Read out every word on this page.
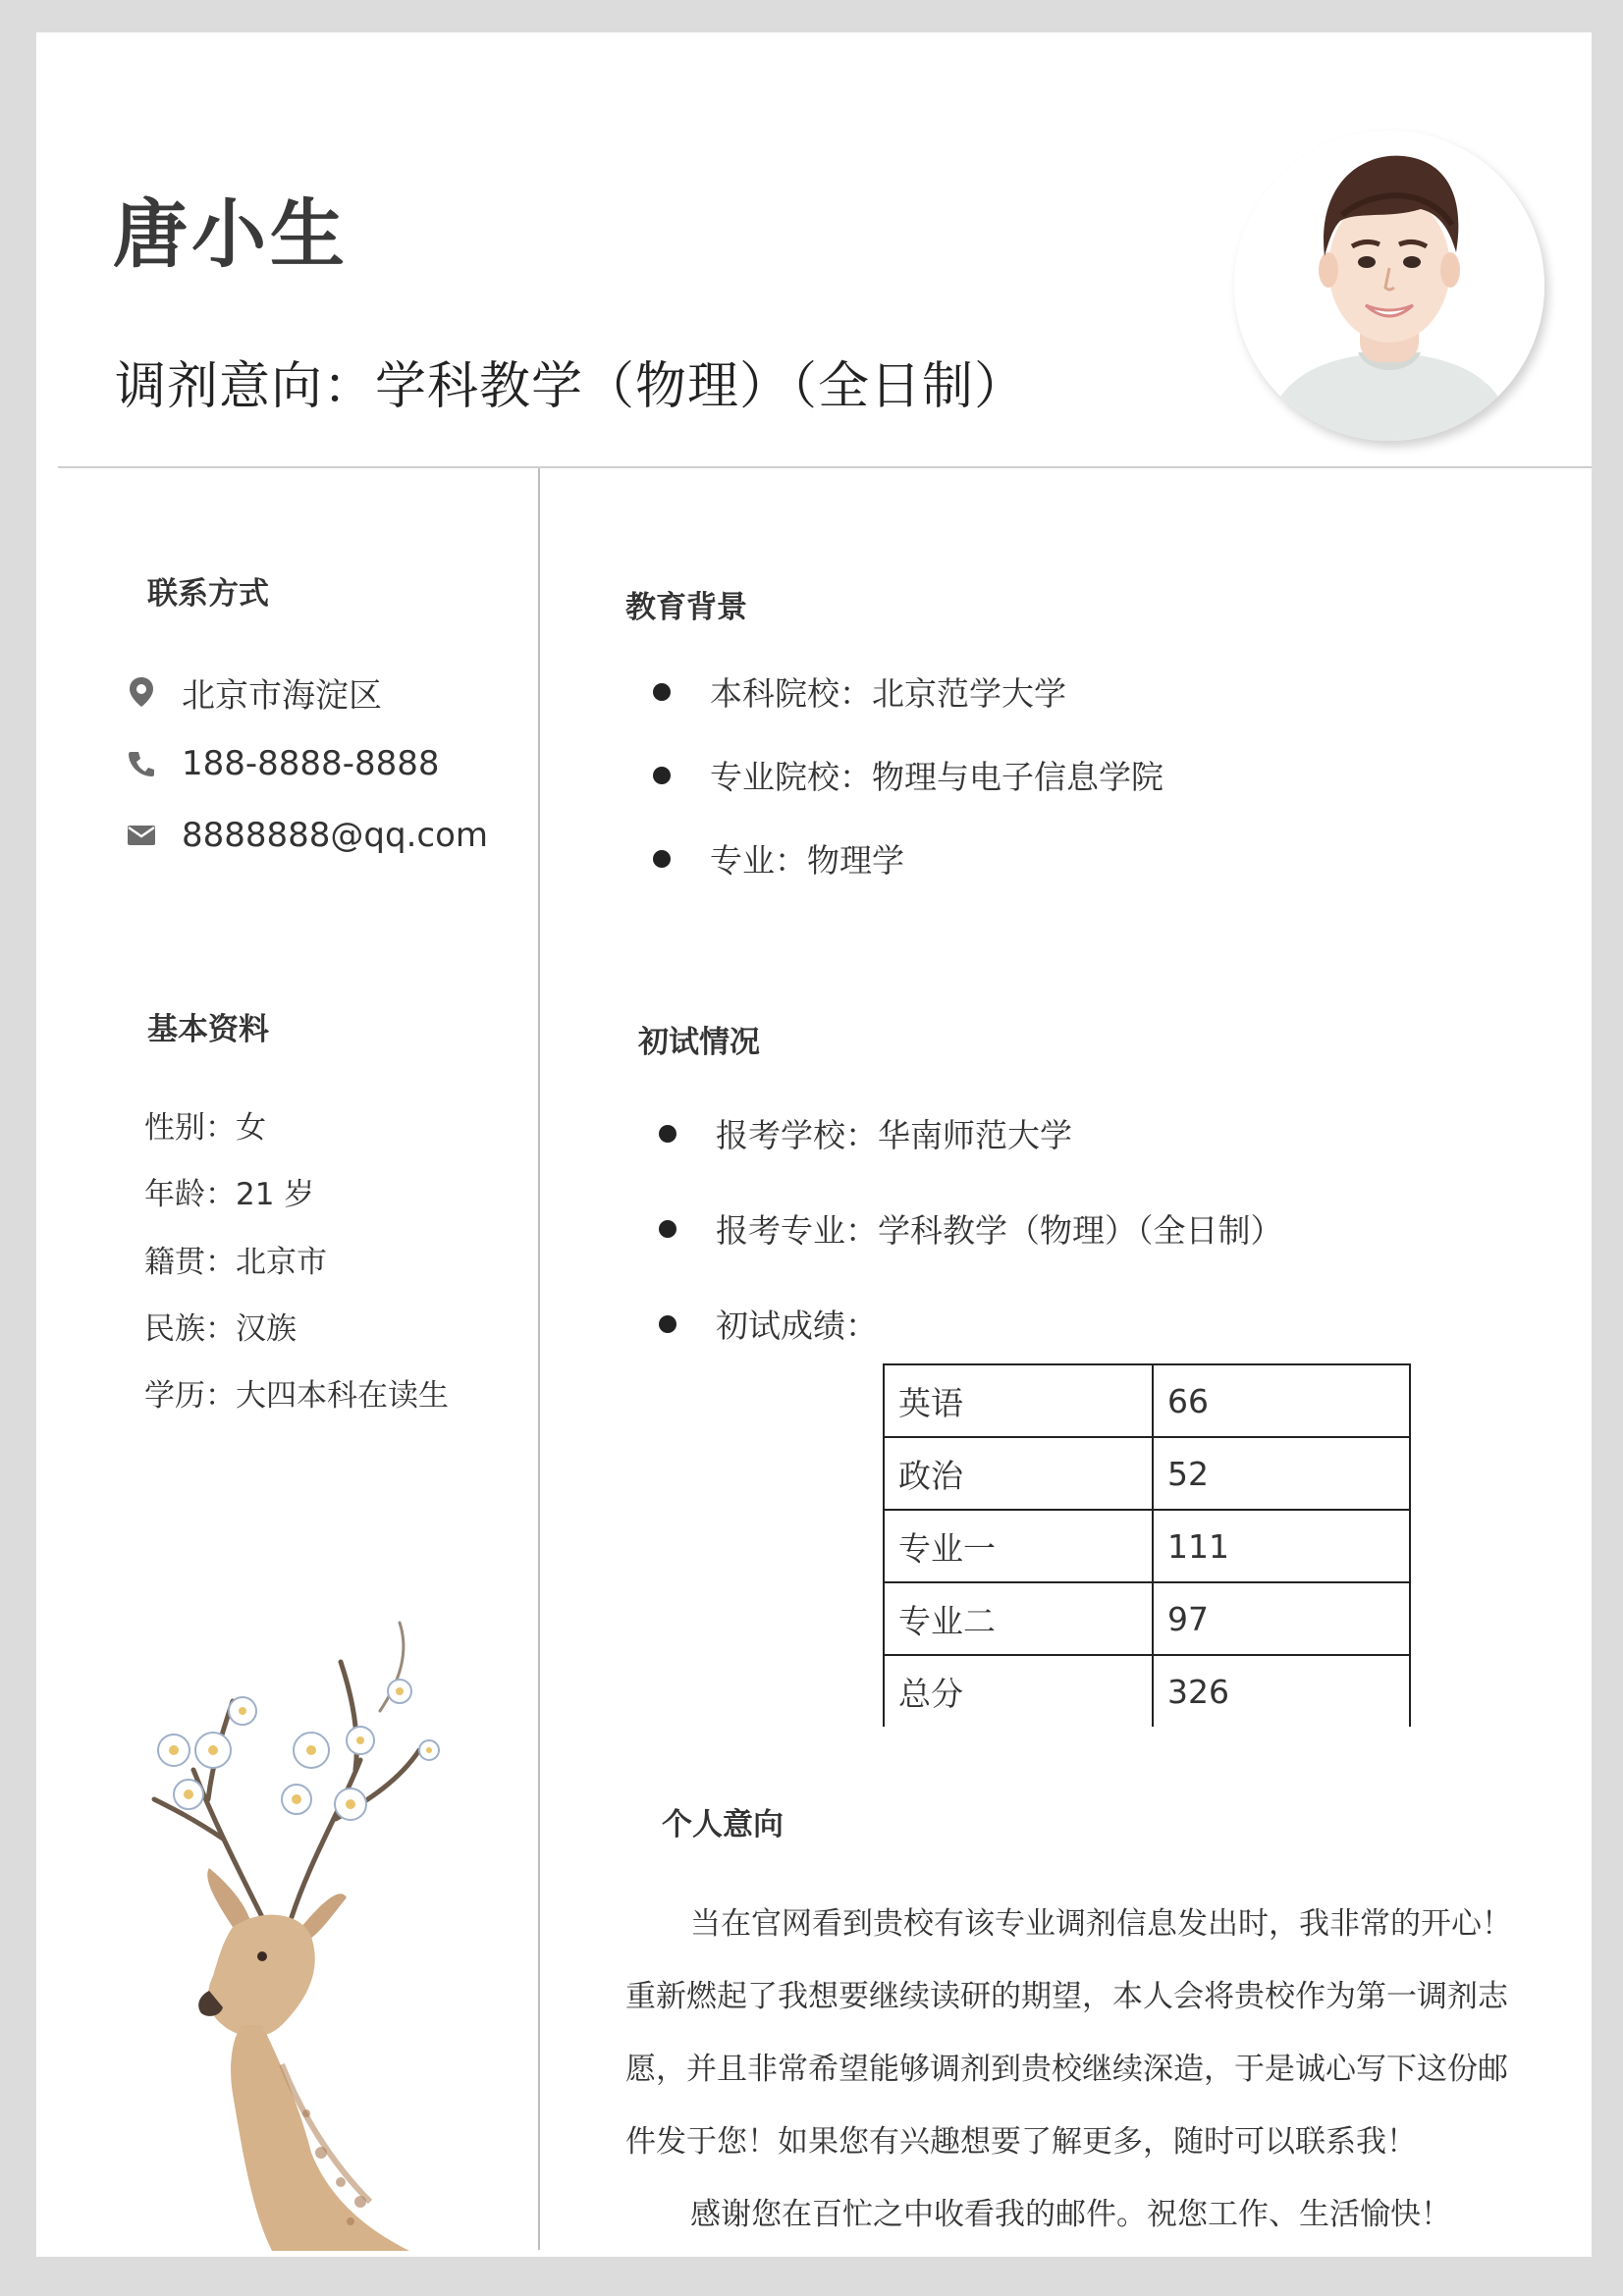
唐小生
调剂意向：学科教学（物理）（全日制）
联系方式
北京市海淀区
188-8888-8888
8888888@qq.com
基本资料
性别：女
年龄：21 岁
籍贯：北京市
民族：汉族
学历：大四本科在读生
教育背景
本科院校：北京范学大学
专业院校：物理与电子信息学院
专业：物理学
初试情况
报考学校：华南师范大学
报考专业：学科教学（物理）（全日制）
初试成绩：
英语	66
政治	52
专业一	111
专业二	97
总分	326
个人意向

当在官网看到贵校有该专业调剂信息发出时，我非常的开心！

重新燃起了我想要继续读研的期望，本人会将贵校作为第一调剂志

愿，并且非常希望能够调剂到贵校继续深造，于是诚心写下这份邮

件发于您！如果您有兴趣想要了解更多，随时可以联系我！

感谢您在百忙之中收看我的邮件。祝您工作、生活愉快！
